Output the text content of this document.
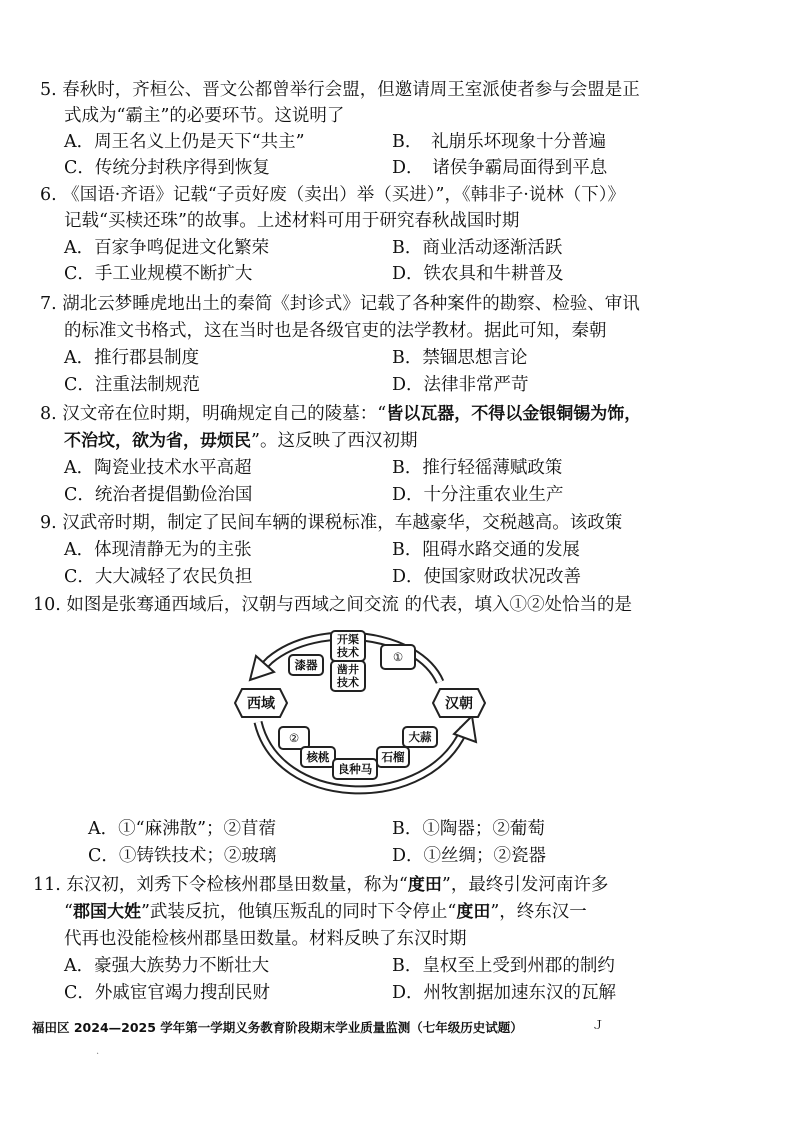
5. 春秋时，齐桓公、晋文公都曾举行会盟，但邀请周王室派使者参与会盟是正
式成为“霸主”的必要环节。这说明了
A．周王名义上仍是天下“共主”	B．　礼崩乐坏现象十分普遍
C．传统分封秩序得到恢复	D．　诸侯争霸局面得到平息
6. 《国语·齐语》记载“子贡好废（卖出）举（买进）”，《韩非子·说林（下）》
记载“买椟还珠”的故事。上述材料可用于研究春秋战国时期
A．百家争鸣促进文化繁荣	B．商业活动逐渐活跃
C．手工业规模不断扩大	D．铁农具和牛耕普及
7. 湖北云梦睡虎地出土的秦简《封诊式》记载了各种案件的勘察、检验、审讯
的标准文书格式，这在当时也是各级官吏的法学教材。据此可知，秦朝
A．推行郡县制度	B．禁锢思想言论
C．注重法制规范	D．法律非常严苛
8. 汉文帝在位时期，明确规定自己的陵墓：“皆以瓦器，不得以金银铜锡为饰，
不治坟，欲为省，毋烦民”。这反映了西汉初期
A．陶瓷业技术水平高超	B．推行轻徭薄赋政策
C．统治者提倡勤俭治国	D．十分注重农业生产
9. 汉武帝时期，制定了民间车辆的课税标准，车越豪华，交税越高。该政策
A．体现清静无为的主张	B．阻碍水路交通的发展
C．大大减轻了农民负担	D．使国家财政状况改善
10. 如图是张骞通西域后，汉朝与西域之间交流 的代表，填入①②处恰当的是
西域	汉朝
漆器
开渠技术
凿井技术
①
②
核桃
良种马
石榴
大蒜
A．①“麻沸散”；②苜蓿	B．①陶器；②葡萄
C．①铸铁技术；②玻璃	D．①丝绸；②瓷器
11. 东汉初，刘秀下令检核州郡垦田数量，称为“度田”，最终引发河南许多
“郡国大姓”武装反抗，他镇压叛乱的同时下令停止“度田”，终东汉一
代再也没能检核州郡垦田数量。材料反映了东汉时期
A．豪强大族势力不断壮大	B．皇权至上受到州郡的制约
C．外戚宦官竭力搜刮民财	D．州牧割据加速东汉的瓦解
福田区 2024—2025 学年第一学期义务教育阶段期末学业质量监测（七年级历史试题）	Ｊ
.
